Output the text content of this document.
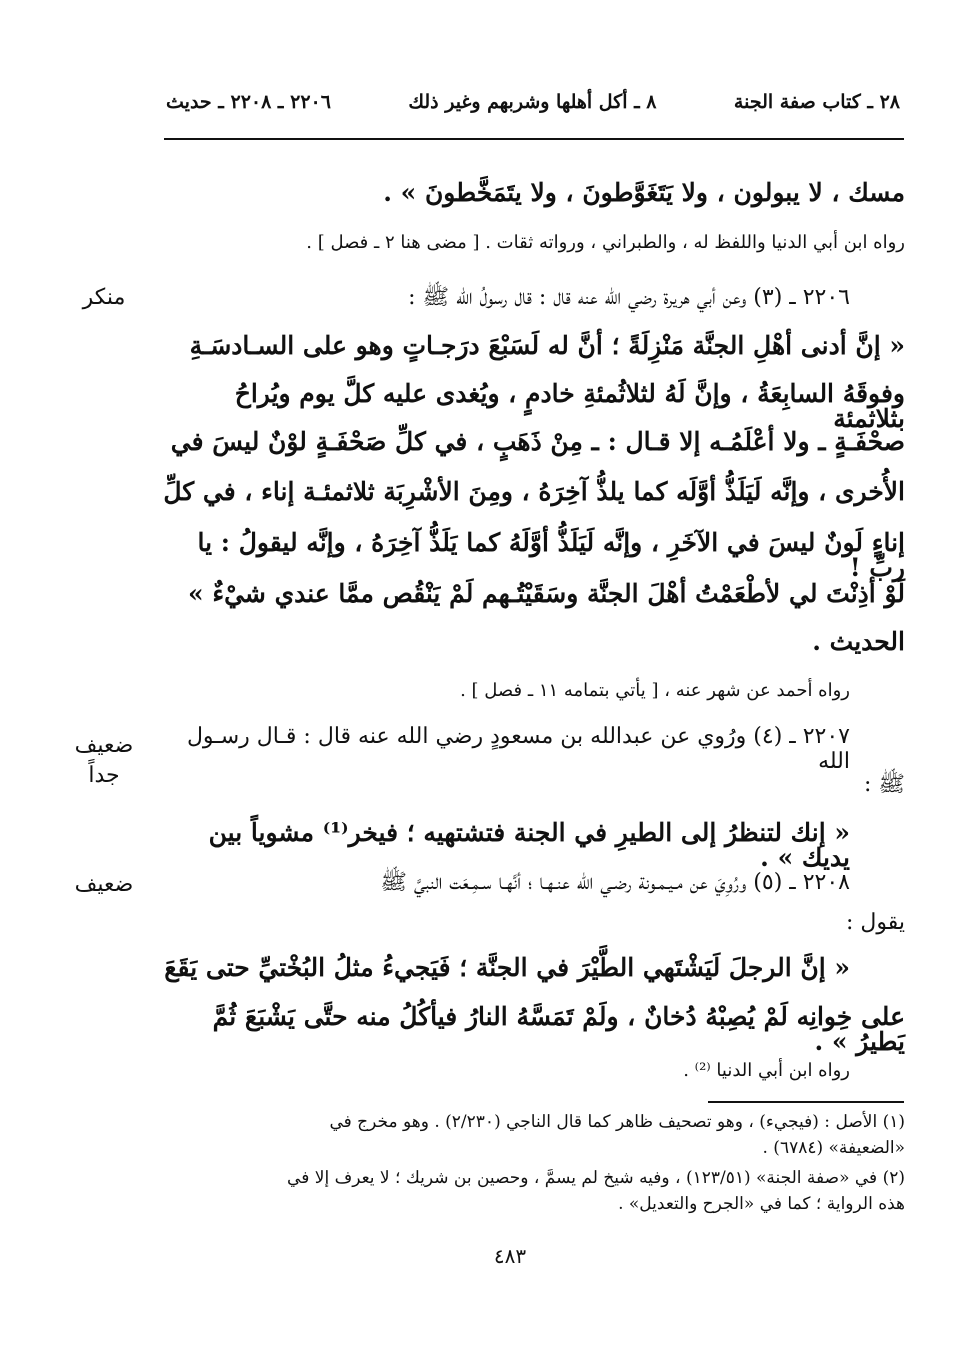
٢٨ ـ كتاب صفة الجنة
٨ ـ أكل أهلها وشربهم وغير ذلك
٢٢٠٦ ـ ٢٢٠٨ ـ حديث
مسك ، لا يبولون ، ولا يَتَغَوَّطونَ ، ولا يتَمَخَّطونَ » .
رواه ابن أبي الدنيا واللفظ له ، والطبراني ، ورواته ثقات . [ مضى هنا ٢ ـ فصل ] .
منكر	٢٢٠٦ ـ (٣) وعن أبي هريرة رضي الله عنه قال : قال رسولُ الله ﷺ :
« إنَّ أدنى أهْلِ الجنَّة مَنْزِلَةً ؛ أنَّ له لَسَبْعَ درَجـاتٍ وهو على السـادسَـةِ
وفوقَهُ السابِعَةُ ، وإنَّ لَهُ لثلاثُمئةِ خادمٍ ، ويُغدى عليه كلَّ يوم ويُراحُ بثلاثمئة
صحْفَـةٍ ـ ولا أعْلَمُـه إلا قـال : ـ مِنْ ذَهَبٍ ، في كلِّ صَحْفَـةٍ لوْنٌ ليسَ في
الأُخرى ، وإنَّه لَيَلَذُّ أوَّلَه كما يلذُّ آخِرَهُ ، ومِنَ الأشْرِبَة ثلاثمئـة إناء ، في كلِّ
إناءٍ لَونٌ ليسَ في الآخَرِ ، وإنَّه لَيَلَذُّ أوَّلَهُ كما يَلَذُّ آخِرَهُ ، وإنَّه ليقولُ : يا ربِّ !
لَوْ أذِنْتَ لي لأطْعَمْتُ أهْلَ الجنَّة وسَقَيْتُـهم لَمْ يَنْقُص ممَّا عندي شيْءٌ »
الحديث .
رواه أحمد عن شهر عنه ، [ يأتي بتمامه ١١ ـ فصل ] .
ضعيف
جداً
٢٢٠٧ ـ (٤) ورُوي عن عبدالله بن مسعودٍ رضي الله عنه قال : قـال رسـول الله
ﷺ :
« إنك لتنظرُ إلى الطيرِ في الجنة فتشتهيه ؛ فيخر⁽¹⁾ مشوياً بين يديك » .
ضعيف	٢٢٠٨ ـ (٥) ورُوِيَ عن مـيـمـونة رضـي الله عنـهـا ؛ أنَّهـا سـمِـعَت النبيَّ ﷺ
يقول :
« إنَّ الرجلَ لَيَشْتَهي الطَّيْرَ في الجنَّة ؛ فَيَجيءُ مثلُ البُخْتيِّ حتى يَقَعَ
على خِوانِه لَمْ يُصِبْهُ دُخانٌ ، ولَمْ تَمَسَّهُ النارُ فيأكُلُ منه حتَّى يَشْبَعَ ثُمَّ يَطيرُ » .
رواه ابن أبي الدنيا ⁽²⁾ .
(١) الأصل : (فيجيء) ، وهو تصحيف ظاهر كما قال الناجي (٢/٢٣٠) . وهو مخرج في
«الضعيفة» (٦٧٨٤) .
(٢) في «صفة الجنة» (١٢٣/٥١) ، وفيه شيخ لم يسمَّ ، وحصين بن شريك ؛ لا يعرف إلا في
هذه الرواية ؛ كما في «الجرح والتعديل» .
٤٨٣
